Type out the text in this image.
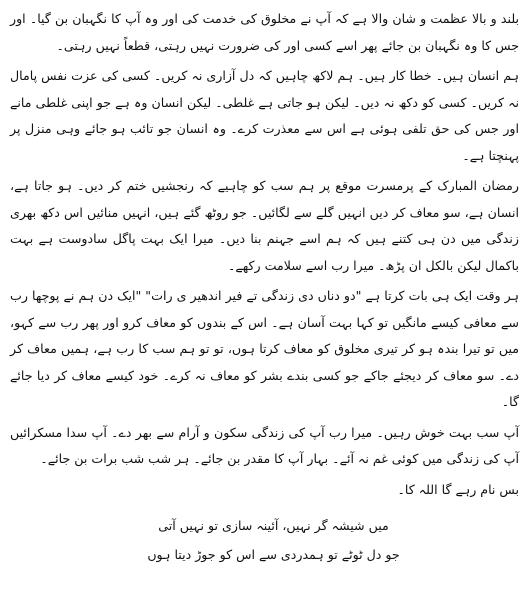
بلند و بالا عظمت و شان والا ہے کہ آپ نے مخلوق کی خدمت کی اور وہ آپ کا نگہبان بن گیا۔ اور جس کا وہ نگہبان بن جائے پھر اسے کسی اور کی ضرورت نہیں رہتی، قطعاً نہیں رہتی۔

ہم انسان ہیں۔ خطا کار ہیں۔ ہم لاکھ چاہیں کہ دل آزاری نہ کریں۔ کسی کی عزت نفس پامال نہ کریں۔ کسی کو دکھ نہ دیں۔ لیکن ہو جاتی ہے غلطی۔ لیکن انسان وہ ہے جو اپنی غلطی مانے اور جس کی حق تلفی ہوئی ہے اس سے معذرت کرے۔ وہ انسان جو تائب ہو جائے وہی منزل پر پہنچتا ہے۔

رمضان المبارک کے پرمسرت موقع پر ہم سب کو چاہیے کہ رنجشیں ختم کر دیں۔ ہو جاتا ہے، انسان ہے، سو معاف کر دیں انہیں گلے سے لگائیں۔ جو روٹھ گئے ہیں، انہیں منائیں اس دکھ بھری زندگی میں دن ہی کتنے ہیں کہ ہم اسے جہنم بنا دیں۔ میرا ایک بہت پاگل سادوست ہے بہت باکمال لیکن بالکل ان پڑھ۔ میرا رب اسے سلامت رکھے۔

ہر وقت ایک ہی بات کرتا ہے "دو دناں دی زندگی تے فیر اندھیر ی رات" "ایک دن ہم نے پوچھا رب سے معافی کیسے مانگیں تو کہا بہت آسان ہے۔ اس کے بندوں کو معاف کرو اور پھر رب سے کہو، میں تو تیرا بندہ ہو کر تیری مخلوق کو معاف کرتا ہوں، تو تو ہم سب کا رب ہے، ہمیں معاف کر دے۔ سو معاف کر دیجئے جاکے جو کسی بندے بشر کو معاف نہ کرے۔ خود کیسے معاف کر دیا جائے گا۔

آپ سب بہت خوش رہیں۔ میرا رب آپ کی زندگی سکون و آرام سے بھر دے۔ آپ سدا مسکرائیں آپ کی زندگی میں کوئی غم نہ آئے۔ بہار آپ کا مقدر بن جائے۔ ہر شب شب برات بن جائے۔

بس نام رہے گا اللہ کا۔

میں شیشہ گر نہیں، آئینہ سازی تو نہیں آتی
جو دل ٹوٹے تو ہمدردی سے اس کو جوڑ دیتا ہوں
